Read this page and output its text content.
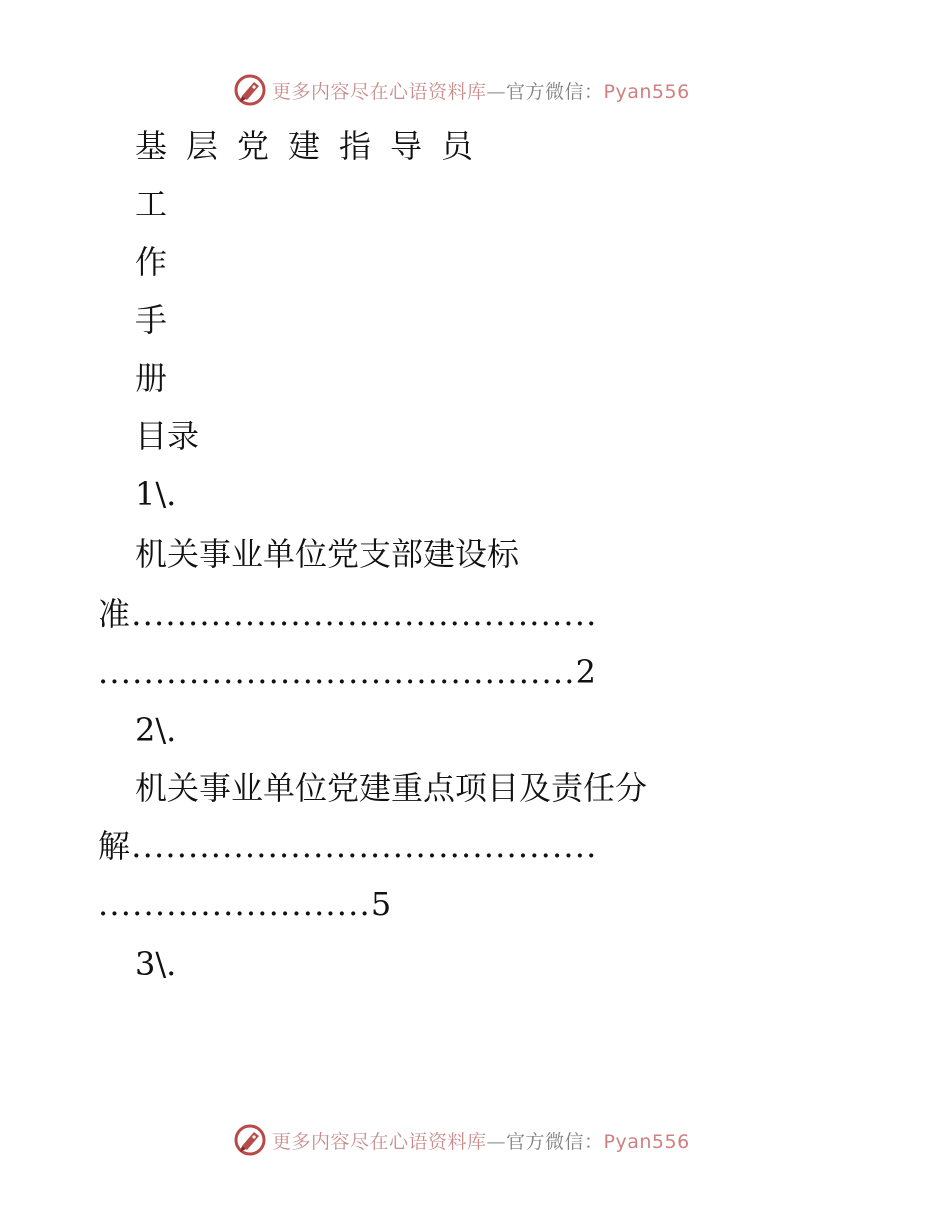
更多内容尽在心语资料库—官方微信：Pyan556
基层党建指导员
工
作
手
册
目录
1\.
机关事业单位党支部建设标
准.........................................
..........................................2
2\.
机关事业单位党建重点项目及责任分
解.........................................
........................5
3\.
更多内容尽在心语资料库—官方微信：Pyan556
